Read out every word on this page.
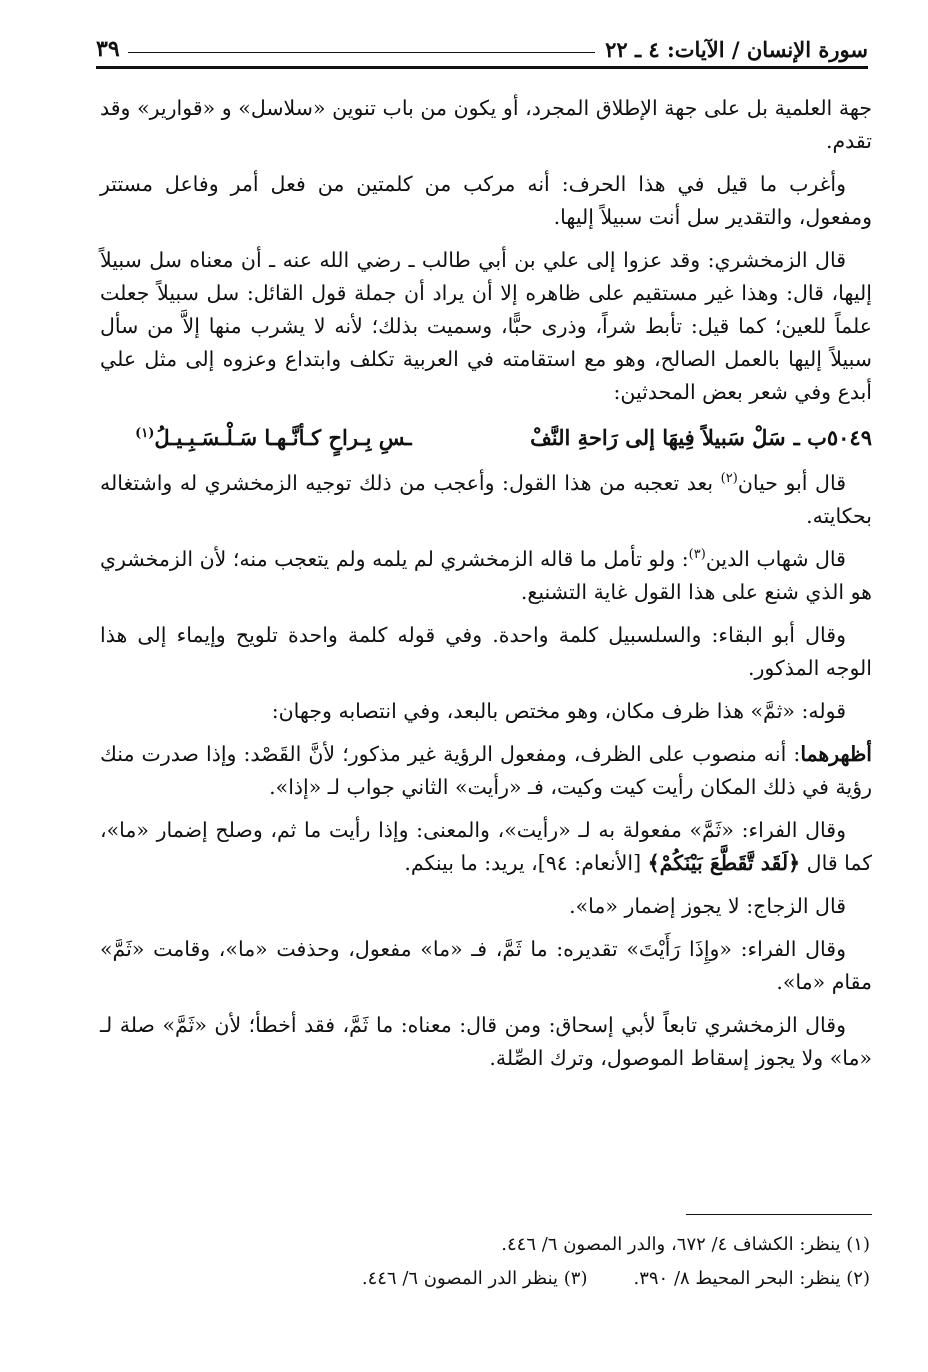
سورة الإنسان / الآيات: ٤ ـ ٢٢
٣٩

جهة العلمية بل على جهة الإطلاق المجرد، أو يكون من باب تنوين «سلاسل» و «قوارير» وقد تقدم.

وأغرب ما قيل في هذا الحرف: أنه مركب من كلمتين من فعل أمر وفاعل مستتر ومفعول، والتقدير سل أنت سبيلاً إليها.

قال الزمخشري: وقد عزوا إلى علي بن أبي طالب ـ رضي الله عنه ـ أن معناه سل سبيلاً إليها، قال: وهذا غير مستقيم على ظاهره إلا أن يراد أن جملة قول القائل: سل سبيلاً جعلت علماً للعين؛ كما قيل: تأبط شراً، وذرى حبًّا، وسميت بذلك؛ لأنه لا يشرب منها إلاَّ من سأل سبيلاً إليها بالعمل الصالح، وهو مع استقامته في العربية تكلف وابتداع وعزوه إلى مثل علي أبدع وفي شعر بعض المحدثين:

٥٠٤٩ب ـ
سَلْ سَبيلاً فِيهَا إلى رَاحةِ النَّفْ
ـسِ بِـراحٍ كـأنَّـهـا سَـلْـسَـبِـيـلُ$^{(١)}$

قال أبو حيان$^{(٢)}$ بعد تعجبه من هذا القول: وأعجب من ذلك توجيه الزمخشري له واشتغاله بحكايته.

قال شهاب الدين$^{(٣)}$: ولو تأمل ما قاله الزمخشري لم يلمه ولم يتعجب منه؛ لأن الزمخشري هو الذي شنع على هذا القول غاية التشنيع.

وقال أبو البقاء: والسلسبيل كلمة واحدة. وفي قوله كلمة واحدة تلويح وإيماء إلى هذا الوجه المذكور.

قوله: «ثمَّ» هذا ظرف مكان، وهو مختص بالبعد، وفي انتصابه وجهان:

أظهرهما: أنه منصوب على الظرف، ومفعول الرؤية غير مذكور؛ لأنَّ القَصْد: وإذا صدرت منك رؤية في ذلك المكان رأيت كيت وكيت، فـ «رأيت» الثاني جواب لـ «إذا».

وقال الفراء: «ثَمَّ» مفعولة به لـ «رأيت»، والمعنى: وإذا رأيت ما ثم، وصلح إضمار «ما»، كما قال ﴿لَقَد تَّقَطَّعَ بَيْنَكُمْ﴾ [الأنعام: ٩٤]، يريد: ما بينكم.

قال الزجاج: لا يجوز إضمار «ما».

وقال الفراء: «وإِذَا رَأَيْتَ» تقديره: ما ثَمَّ، فـ «ما» مفعول، وحذفت «ما»، وقامت «ثَمَّ» مقام «ما».

وقال الزمخشري تابعاً لأبي إسحاق: ومن قال: معناه: ما ثَمَّ، فقد أخطأ؛ لأن «ثَمَّ» صلة لـ «ما» ولا يجوز إسقاط الموصول، وترك الصِّلة.

(١) ينظر: الكشاف ٤/ ٦٧٢، والدر المصون ٦/ ٤٤٦.
(٢) ينظر: البحر المحيط ٨/ ٣٩٠.
(٣) ينظر الدر المصون ٦/ ٤٤٦.
